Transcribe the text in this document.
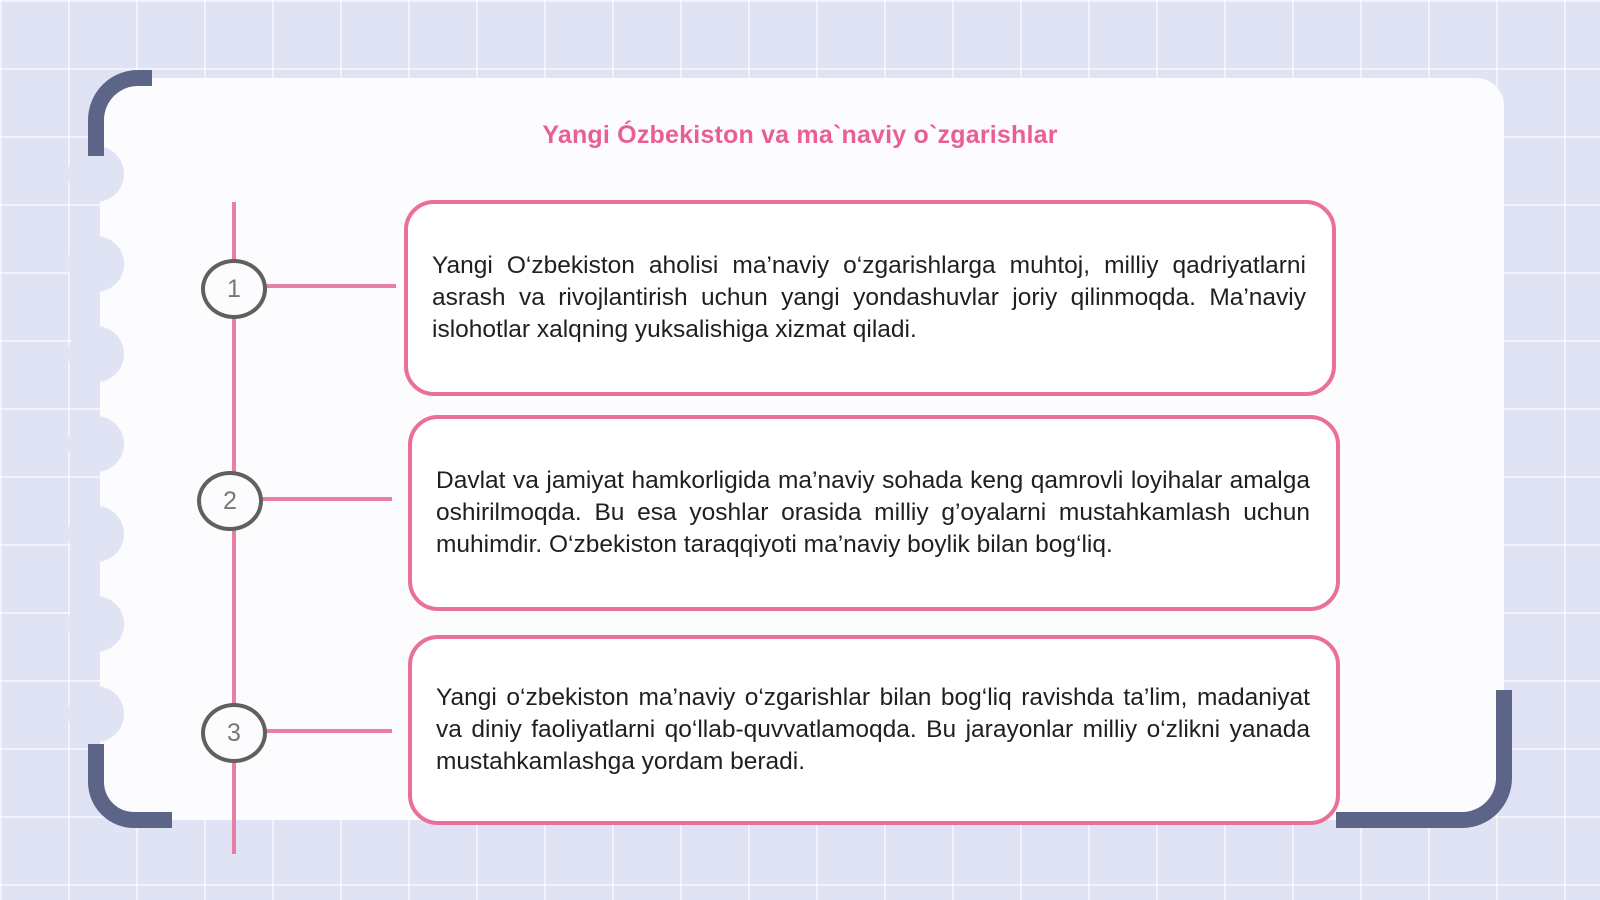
Yangi Ózbekiston va ma`naviy o`zgarishlar
1

Yangi O‘zbekiston aholisi ma’naviy o‘zgarishlarga muhtoj, milliy qadriyatlarni asrash va rivojlantirish uchun yangi yondashuvlar joriy qilinmoqda. Ma’naviy islohotlar xalqning yuksalishiga xizmat qiladi.

2

Davlat va jamiyat hamkorligida ma’naviy sohada keng qamrovli loyihalar amalga oshirilmoqda. Bu esa yoshlar orasida milliy g’oyalarni mustahkamlash uchun muhimdir. O‘zbekiston taraqqiyoti ma’naviy boylik bilan bog‘liq.

3

Yangi o‘zbekiston ma’naviy o‘zgarishlar bilan bog‘liq ravishda ta’lim, madaniyat va diniy faoliyatlarni qo‘llab-quvvatlamoqda. Bu jarayonlar milliy o‘zlikni yanada mustahkamlashga yordam beradi.
